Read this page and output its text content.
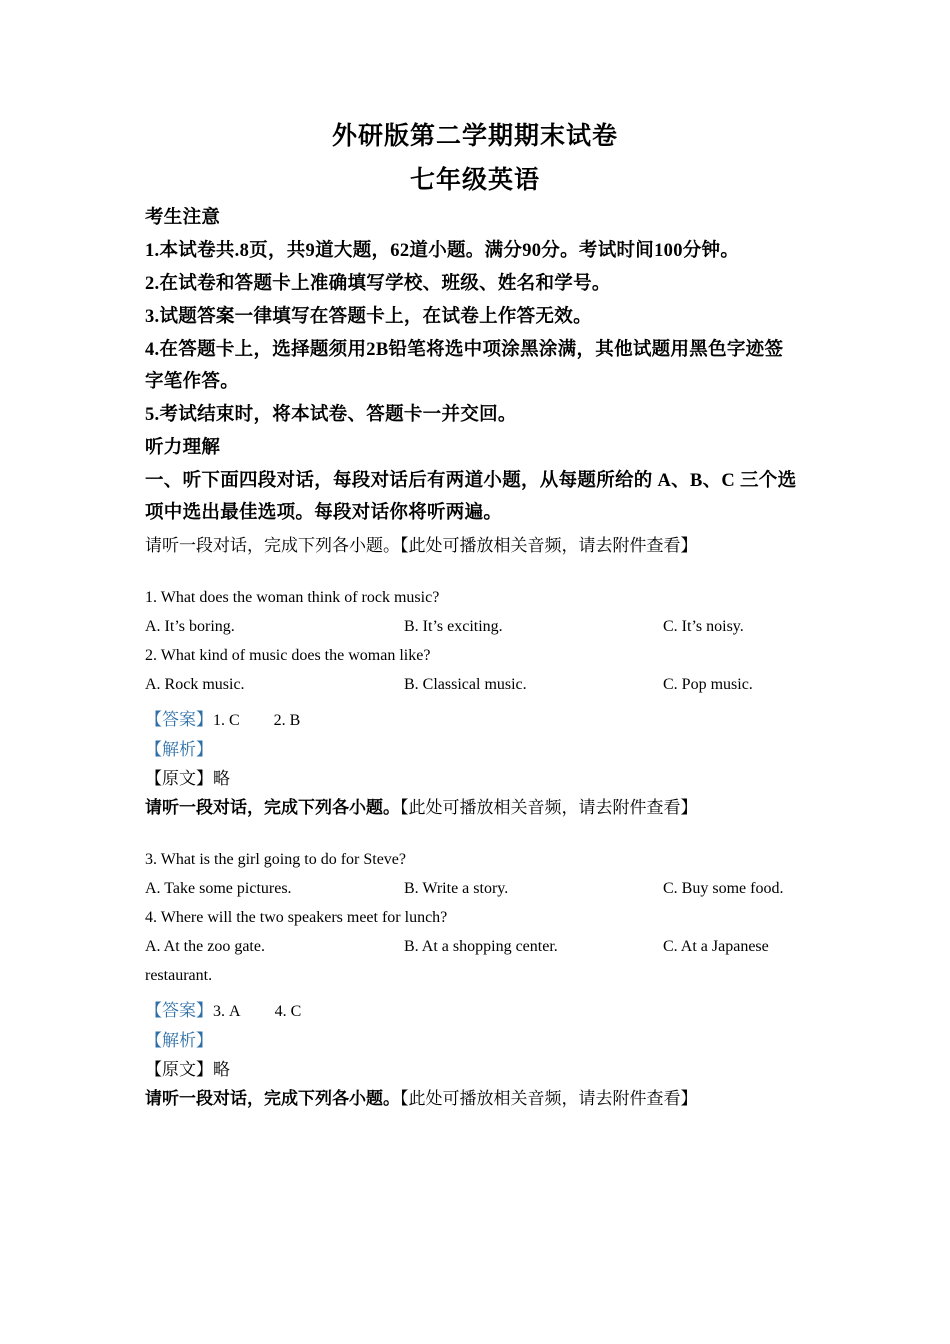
外研版第二学期期末试卷
七年级英语
考生注意
1.本试卷共.8页，共9道大题，62道小题。满分90分。考试时间100分钟。
2.在试卷和答题卡上准确填写学校、班级、姓名和学号。
3.试题答案一律填写在答题卡上，在试卷上作答无效。
4.在答题卡上，选择题须用2B铅笔将选中项涂黑涂满，其他试题用黑色字迹签
字笔作答。
5.考试结束时，将本试卷、答题卡一并交回。
听力理解
一、听下面四段对话，每段对话后有两道小题，从每题所给的 A、B、C 三个选
项中选出最佳选项。每段对话你将听两遍。
请听一段对话，完成下列各小题。【此处可播放相关音频，请去附件查看】
1. What does the woman think of rock music?
A. It’s boring.	B. It’s exciting.	C. It’s noisy.
2. What kind of music does the woman like?
A. Rock music.	B. Classical music.	C. Pop music.
【答案】1. C 2. B
【解析】
【原文】略
请听一段对话，完成下列各小题。【此处可播放相关音频，请去附件查看】
3. What is the girl going to do for Steve?
A. Take some pictures.	B. Write a story.	C. Buy some food.
4. Where will the two speakers meet for lunch?
A. At the zoo gate.	B. At a shopping center.	C. At a Japanese
restaurant.
【答案】3. A 4. C
【解析】
【原文】略
请听一段对话，完成下列各小题。【此处可播放相关音频，请去附件查看】
